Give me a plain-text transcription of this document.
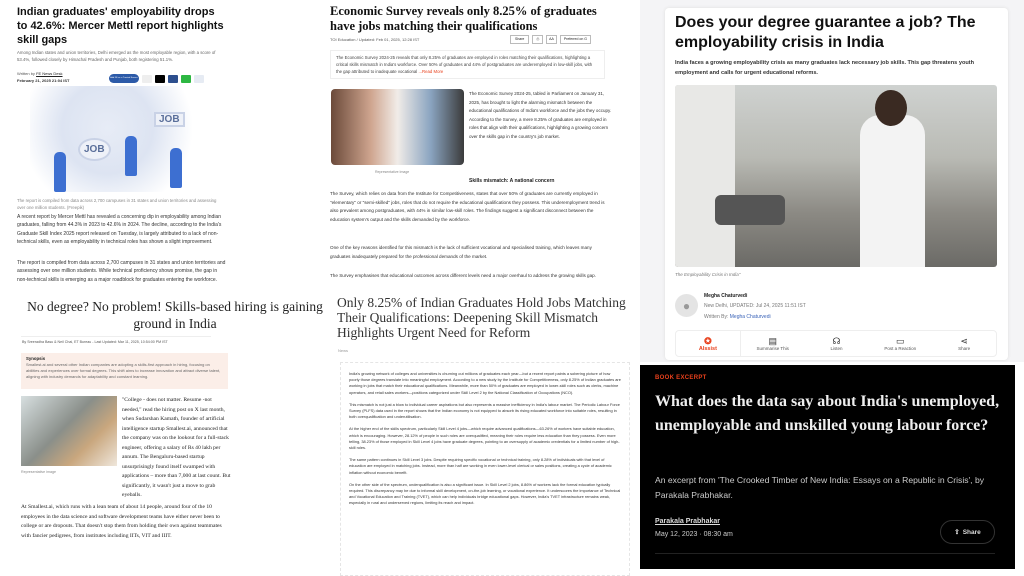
Indian graduates' employability drops to 42.6%: Mercer Mettl report highlights skill gaps
Among Indian states and union territories, Delhi emerged as the most employable region, with a score of 53.4%, followed closely by Himachal Pradesh and Punjab, both registering 51.1%.
Written by FE News Desk
February 21, 2025 21:04 IST	Add FE as a Trusted Source
JOB
JOB
The report is compiled from data across 2,700 campuses in 31 states and union territories and assessing over one million students. (Freepik)
A recent report by Mercer Mettl has revealed a concerning dip in employability among Indian graduates, falling from 44.3% in 2023 to 42.6% in 2024. The decline, according to the India's Graduate Skill Index 2025 report released on Tuesday, is largely attributed to a lack of non-technical skills, even as employability in technical roles has shown a slight improvement.
The report is compiled from data across 2,700 campuses in 31 states and union territories and assessing over one million students. While technical proficiency shows promise, the gap in non-technical skills is emerging as a major roadblock for graduates entering the workforce.
No degree? No problem! Skills-based hiring is gaining ground in India
By Sreeradha Basu & Neil Chai, ET Bureau - Last Updated: Mar 11, 2025, 10:54:00 PM IST
Synopsis
Smallest.ai and several other Indian companies are adopting a skills-first approach in hiring, focusing on abilities and experiences over formal degrees. This shift aims to increase innovation and attract diverse talent, aligning with industry demands for adaptability and constant learning.
Representative image
"College - does not matter. Resume -not needed," read the hiring post on X last month, when Sudarshan Kamath, founder of artificial intelligence startup Smallest.ai, announced that the company was on the lookout for a full-stack engineer, offering a salary of Rs 40 lakh per annum. The Bengaluru-based startup unsurprisingly found itself swamped with applications – more than 7,000 at last count. But significantly, it wasn't just a move to grab eyeballs.
At Smallest.ai, which runs with a lean team of about 14 people, around four of the 10 employees in the data science and software development teams have either never been to college or are dropouts. That doesn't stop them from holding their own against teammates with fancier pedigrees, from institutes including IITs, VIT and IIIT.
Economic Survey reveals only 8.25% of graduates have jobs matching their qualifications
TOI Education / Updated: Feb 01, 2025, 12:28 IST	Share	⎙	AA	Preferred on G
The Economic Survey 2024-25 reveals that only 8.25% of graduates are employed in roles matching their qualifications, highlighting a critical skills mismatch in India's workforce. Over 50% of graduates and 44% of postgraduates are underemployed in low-skill jobs, with the gap attributed to inadequate vocational ...Read More
Representative Image
The Economic Survey 2024-25, tabled in Parliament on January 31, 2025, has brought to light the alarming mismatch between the educational qualifications of India's workforce and the jobs they occupy. According to the Survey, a mere 8.25% of graduates are employed in roles that align with their qualifications, highlighting a growing concern over the skills gap in the country's job market.
Skills mismatch: A national concern
The Survey, which relies on data from the Institute for Competitiveness, states that over 50% of graduates are currently employed in "elementary" or "semi-skilled" jobs, roles that do not require the educational qualifications they possess. This underemployment trend is also prevalent among postgraduates, with 44% in similar low-skill roles. The findings suggest a significant disconnect between the education system's output and the skills demanded by the workforce.
One of the key reasons identified for this mismatch is the lack of sufficient vocational and specialised training, which leaves many graduates inadequately prepared for the professional demands of the market.
The Survey emphasises that educational outcomes across different levels need a major overhaul to address the growing skills gap.
Only 8.25% of Indian Graduates Hold Jobs Matching Their Qualifications: Deepening Skill Mismatch Highlights Urgent Need for Reform
News

India's growing network of colleges and universities is churning out millions of graduates each year—but a recent report paints a sobering picture of how poorly those degrees translate into meaningful employment. According to a new study by the Institute for Competitiveness, only 8.25% of Indian graduates are working in jobs that match their educational qualifications. Meanwhile, more than 50% of graduates are employed in lower-skill roles such as clerks, machine operators, and retail sales workers—positions categorized under Skill Level 2 by the National Classification of Occupations (NCO).

This mismatch is not just a blow to individual career aspirations but also represents a massive inefficiency in India's labour market. The Periodic Labour Force Survey (PLFS) data used in the report shows that the Indian economy is not equipped to absorb its rising educated workforce into suitable roles, resulting in both overqualification and underutilisation.

At the higher end of the skills spectrum, particularly Skill Level 4 jobs—which require advanced qualifications—63.26% of workers have suitable education, which is encouraging. However, 28.12% of people in such roles are overqualified, meaning their roles require less education than they possess. Even more telling, 38.23% of those employed in Skill Level 4 jobs have graduate degrees, pointing to an oversupply of academic credentials for a limited number of high-skill roles.

The same pattern continues in Skill Level 3 jobs. Despite requiring specific vocational or technical training, only 8.28% of individuals with that level of education are employed in matching jobs. Instead, more than half are working in even lower-level clerical or sales positions, creating a cycle of academic inflation without economic benefit.

On the other side of the spectrum, underqualification is also a significant issue. In Skill Level 2 jobs, 8.86% of workers lack the formal education typically required. This discrepancy may be due to informal skill development, on-the-job learning, or vocational experience. It underscores the importance of Technical and Vocational Education and Training (TVET), which can help individuals bridge educational gaps. However, India's TVET infrastructure remains weak, especially in rural and underserved regions, limiting its reach and impact.

Does your degree guarantee a job? The employability crisis in India
India faces a growing employability crisis as many graduates lack necessary job skills. This gap threatens youth employment and calls for urgent educational reforms.
The Employability Crisis in India"
●
Megha Chaturvedi
New Delhi, UPDATED: Jul 24, 2025 11:51 IST
Written By: Megha Chaturvedi
✪
AIssist
▤
Summarise This
☊
Listen
▭
Post a Reaction
⋖
Share
BOOK EXCERPT
What does the data say about India's unemployed, unemployable and unskilled young labour force?
An excerpt from 'The Crooked Timber of New India: Essays on a Republic in Crisis', by Parakala Prabhakar.
Parakala Prabhakar
May 12, 2023 · 08:30 am	⇪ Share
